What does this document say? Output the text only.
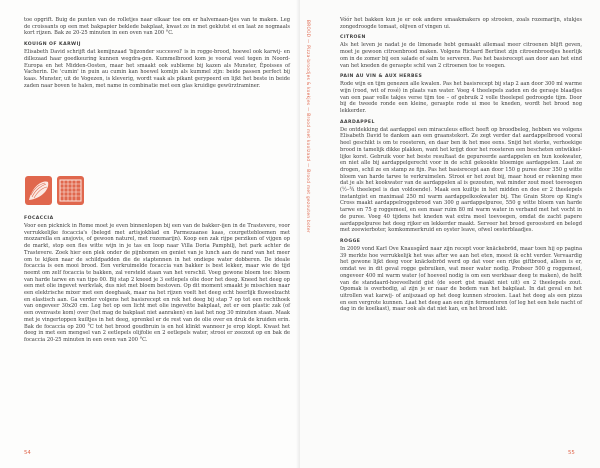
toe opgrift. Buig de punten van de rolletjes naar elkaar toe om er halvemaan-tjes van te maken. Leg de croissants op een met bakpapier beklede bakplaat, kwast ze in met geklutst ei en laat ze nogmaals kort rijzen. Bak ze 20-25 minuten in een oven van 200 °C.

KOUIGN OF KARWIJ

Elisabeth David schrijft dat kemijnzaad 'bijzonder succesvol' is in rogge-brood, hoewel ook karwij- en dillezaad haar goedkeuring kunnen wegdra-gen. Kummelbrood kom je vooral veel tegen in Noord-Europa en het Midden-Oosten, maar het smaakt ook sublieme bij kazen als Munster, Époisses of Vacherin. De 'cumin' in puin au cumin kan hoewel komijn als kummel zijn: beide passen perfect bij kaas. Munster, uit de Vogezen, is kleverig, wordt vaak als pikant gerypeerd en lijkt het beste in beide zaden naar boven te halen, met name in combinatie met een glas kruidige gewürztraminer.

FOCACCIA

Voor een picknick in Rome moet je even binnenlopen bij een van de bakker-ijen in de Trastevere, voor verrukkelijke focaccia's (belegd met artisjokblad en Parmezaanse kaas, courgettebloemen met mozzarella en ansjovis, of gewoon naturel, met rozemarijn). Koop een zak rijpe perziken of vijgen op de markt, stop een fles witte wijn in je tas en loop naar Villa Doria Pamphilj, het park achter de Trastevere. Zoek hier een plek onder de pijnbomen en geniet van je lunch aan de rand van het meer om te kijken naar de schildpadden die de staptennen in het ondiepe water dobberen. De ideale focaccia is een mooi brood. Een verkruimelde focaccia van bakker is best lekker, maar wie de tijd neemt om zelf focaccia te bakken, zal versteld staan van het verschil. Voeg gewone bloem toe: bloem van harde tarwe en van tipo 00. Bij stap 2 kneed je 3 eetlepels olie door het deeg. Kneed het deeg op een met olie ingevet werkvlak, dus niet met bloem bestoven. Op dit moment smaakt je misschien naar een elektrische mixer met een deeghaak, maar na het rijzen voelt het deeg echt heerlijk fluweelzacht en elastisch aan. Ga verder volgens het basisrecept en rek het deeg bij stap 7 op tot een rechthoek van ongeveer 30x20 cm. Leg het op een licht met olie ingevette bakplaat, zet er een plastic zak (of een ovenvaste kom) over (het mag de bakplaat niet aanraken) en laat het nog 30 minuten staan. Maak met je vingertoppen kuiltjes in het deeg, sprenkel er de rest van de olie over en druk de kruiden erin. Bak de focaccia op 200 °C tot het brood goudbruin is en hol klinkt wanneer je erop klopt. Kwast het deeg in met een mengsel van 2 eetlepels olijfolie en 2 eetlepels water, strooi er zeezout op en bak de focaccia 20-25 minuten in een oven van 200 °C.

54

Vóór het bakken kun je er ook andere smaakmakers op strooien, zoals rozemarijn, stukjes zongedroogde tomaat, olijven of vingen ui.

CITROEN

Als het leven je nadat je de limonade hebt gemaakt allemaal meer citroenen blijft geven, moet je gewoon citroenbrood maken. Volgens Richard Bertinet zijn citroenbroodjes heerlijk om in de zomer bij een salade of salm te serveren. Pas het basisrecept aan door aan het eind van het kneden de geraspte schil van 2 citroenen toe te voegen.

PAIN AU VIN & AUX HERBES

Rode wijn en tijm genezen alle kwalen. Pas het basisrecept bij stap 2 aan door 300 ml warme wijn (rood, wit of rosé) in plaats van water. Voeg 4 theelepels zaden en de gerasje blaadjes van een paar volle takjes verse tijm toe – of gebruik 2 volle theelepel gedroogde tijm. Door bij de tweede ronde een kleine, geraspte rode ui mee te kneden, wordt het brood nog lekkerder.

AARDAPPEL

De ontdekking dat aardappel een miraculeus effect heeft op broodbeleg, hebben we volgens Elisabeth David te danken aan een graanstekort. Ze zegt verder dat aardappelbrood vooral heel geschikt is om te roosteren, en daar ben ik het mee eens. Snijd het sterke, verhoekige brood in tamelijk dikke plakken, want het krijgt door het roosteren een bescheten ontwikkel-lijke korst. Gebruik voor het beste resultaat de gepureerde aardappelen en hun kookwater, en niet alle bij aardappelgerecht voor in de schil gekookte bloemige aardappelen. Laat ze drogen, schil ze en stamp ze fijn. Pas het basisrecept aan door 150 g puree door 350 g witte bloem van harde tarwe te verkruimelen. Strooi er het zout bij, maar houd er rekening mee dat je als het kookwater van de aardappelen al is gezouten, wat minder zout moet toevoegen (½–¾ theelepel is dan voldoende). Maak een kuiltje in het midden en doe er 2 theelepels instantgist en maximaal 250 ml warm aardappelkookwater bij. The Grain Store op King's Cross maakt aardappelroggebrood van 300 g aardappelpuree, 550 g witte bloem van harde tarwe en 75 g roggemeel, en een maar ruim 80 ml warm water in verband met het vocht in de puree. Voeg 40 tijdens het kneden wat extra meel toevoegen, omdat de zacht papere aardappelpuree het deeg rijker en lekkerder maakt. Serveer het brood geroosterd en belegd met zeewierboter, komkommerkruid en oyster leave, ofwel oesterblaadjes.

ROGGE

In 2009 vond Karl Ove Knausgård naar zijn recept voor knäckebröd, maar toen hij op pagina 39 merkte hoe verrukkelijk het was after we aan het eten, moest ik echt verder. Vervaardig het gewone lijkt deeg voor knäckebröd werd op dat voor een rijke giftbrood, alleen is er, omdat we in dit geval rogge gebruiken, wat meer water nodig. Probeer 500 g roggemeel, ongeveer 400 ml warm water (of hoeveel nodig is om een werkbaar deeg te maken), de helft van de standaard-hoeveelheid gist (de soort gist maakt niet uit) en 2 theelepels zout. Opomak is overbodig, al zijn je er naar de bodem van het bakplaat. In dat geval en het uitrollen wat karwij- of anijszaad op het deeg kunnen strooien. Laat het deeg als een pizza en een vergrote kunnen. Laat het deeg aan een zijn fermenteren (of leg het een hele nacht of dag in de koelkast), maar ook als dat niet kan, en het brood lukt.

55
BROOD — Pizza-broodjes & koekjes — Brood met koolzaad — Brood met gezouten boter
